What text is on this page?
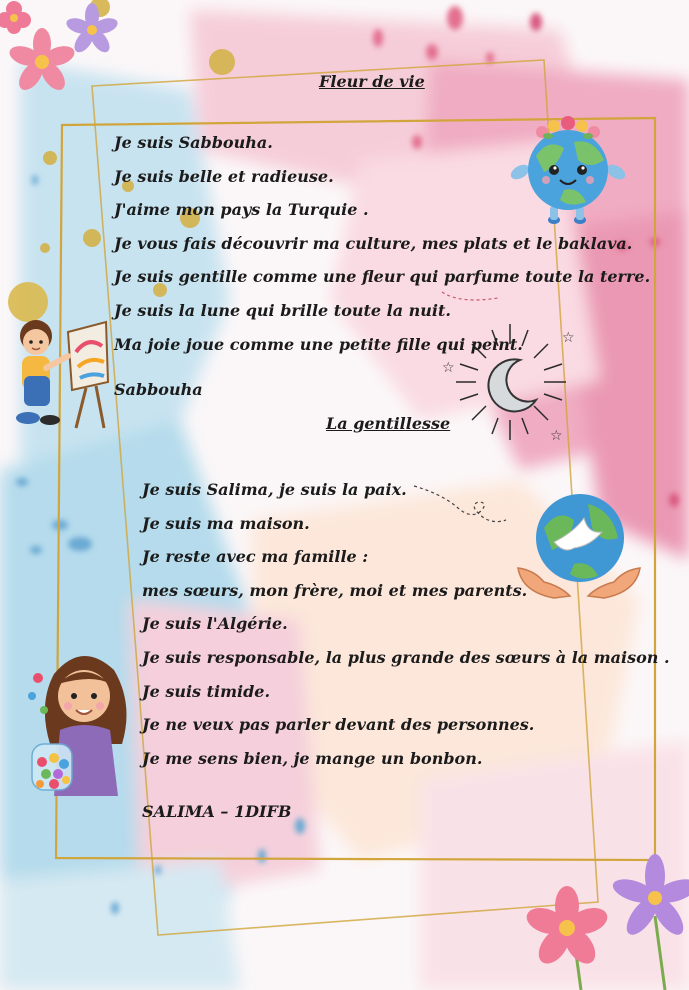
☆
☆
☆
Fleur de vie
Je suis Sabbouha.
Je suis belle et radieuse.
J'aime mon pays la Turquie .
Je vous fais découvrir ma culture, mes plats et le baklava.
Je suis gentille comme une fleur qui parfume toute la terre.
Je suis la lune qui brille toute la nuit.
Ma joie joue comme une petite fille qui peint.
Sabbouha
La gentillesse
Je suis Salima, je suis la paix.
Je suis ma maison.
Je reste avec ma famille :
mes sœurs, mon frère, moi et mes parents.
Je suis l'Algérie.
Je suis responsable, la plus grande des sœurs à la maison .
Je suis timide.
Je ne veux pas parler devant des personnes.
Je me sens bien, je mange un bonbon.
SALIMA – 1DIFB
